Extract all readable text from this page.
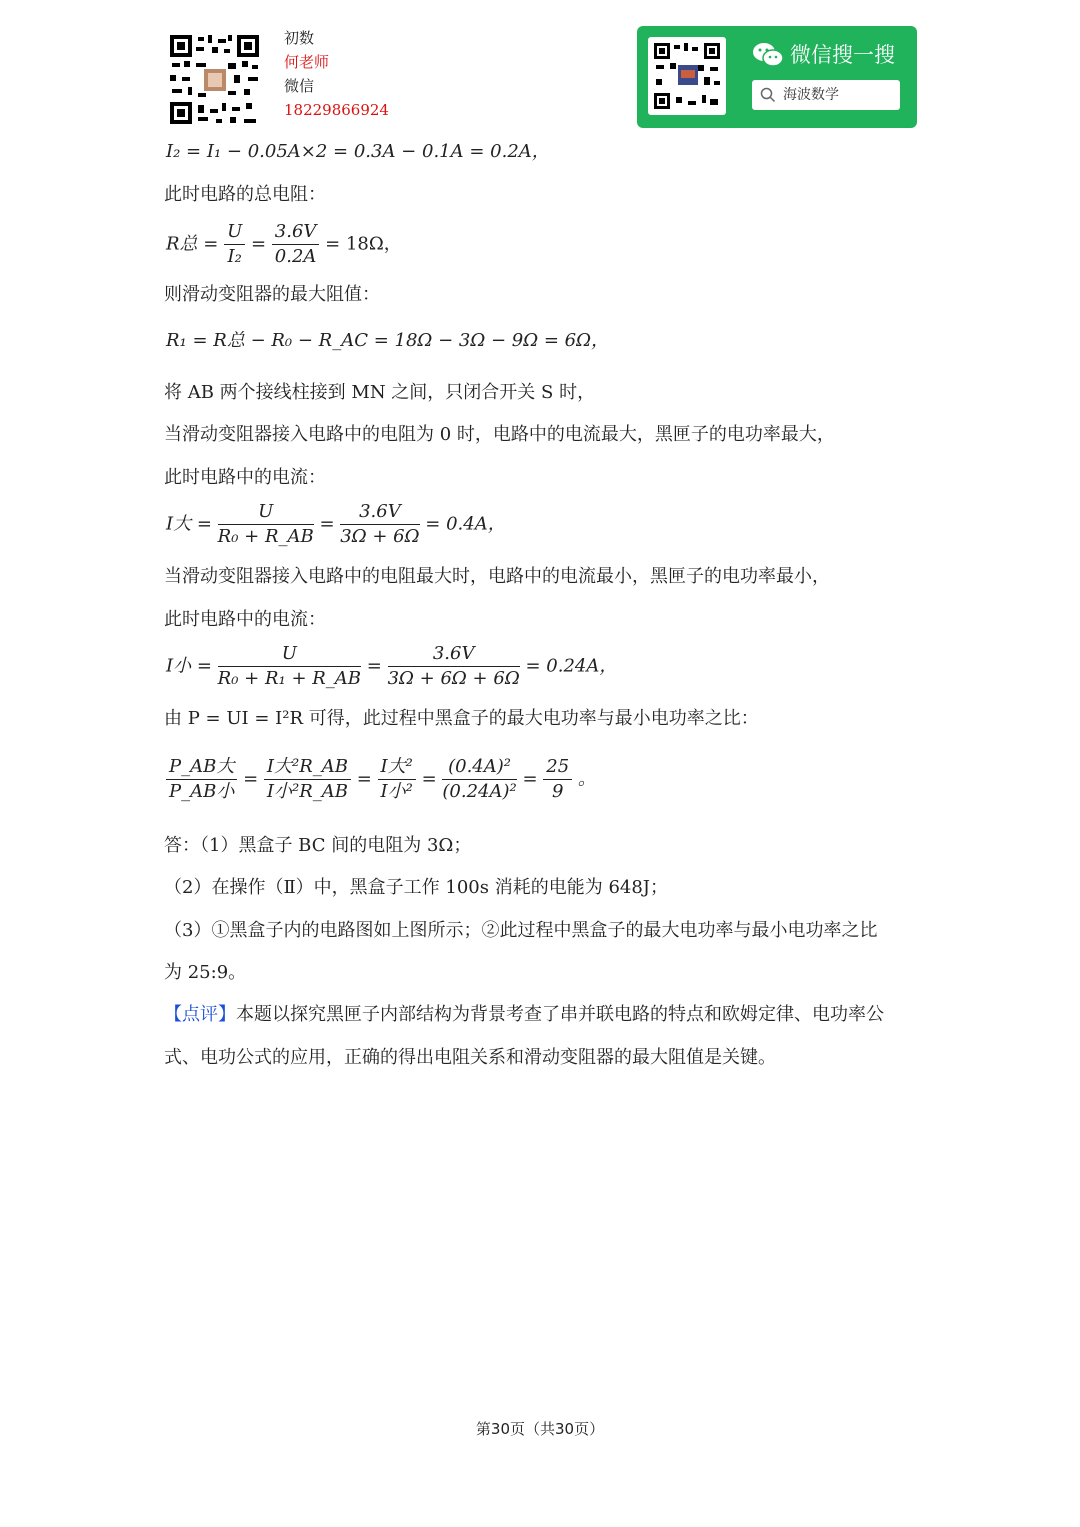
初数
何老师
微信
18229866924
微信搜一搜
海波数学
I₂ = I₁ − 0.05A×2 = 0.3A − 0.1A = 0.2A，
此时电路的总电阻：
R总 = $\frac{U}{\text{I₂}} = \frac{3.6V}{0.2A} = 18\Omega$，
则滑动变阻器的最大阻值：
R₁ = R总 − R₀ − R_AC = 18Ω − 3Ω − 9Ω = 6Ω，
将 AB 两个接线柱接到 MN 之间，只闭合开关 S 时，
当滑动变阻器接入电路中的电阻为 0 时，电路中的电流最大，黑匣子的电功率最大，
此时电路中的电流：
I大 = $\frac{U}{\text{R₀ + R\_AB}} = \frac{3.6V}{3\Omega + 6\Omega} = 0.4A$，
当滑动变阻器接入电路中的电阻最大时，电路中的电流最小，黑匣子的电功率最小，
此时电路中的电流：
I小 = $\frac{U}{\text{R₀ + R₁ + R\_AB}} = \frac{3.6V}{3\Omega + 6\Omega + 6\Omega} = 0.24A$，
由 P = UI = I²R 可得，此过程中黑盒子的最大电功率与最小电功率之比：
$\frac{\text{P\_AB大}}{\text{P\_AB小}} = \frac{\text{I大²R\_AB}}{\text{I小²R\_AB}} = \frac{\text{I大²}}{\text{I小²}} = \frac{\text{(0.4A)²}}{\text{(0.24A)²}} = \frac{25}{9}$ 。
答：（1）黑盒子 BC 间的电阻为 3Ω；
（2）在操作（Ⅱ）中，黑盒子工作 100s 消耗的电能为 648J；
（3）①黑盒子内的电路图如上图所示；②此过程中黑盒子的最大电功率与最小电功率之比
为 25:9。
【点评】本题以探究黑匣子内部结构为背景考查了串并联电路的特点和欧姆定律、电功率公
式、电功公式的应用，正确的得出电阻关系和滑动变阻器的最大阻值是关键。
第30页（共30页）
